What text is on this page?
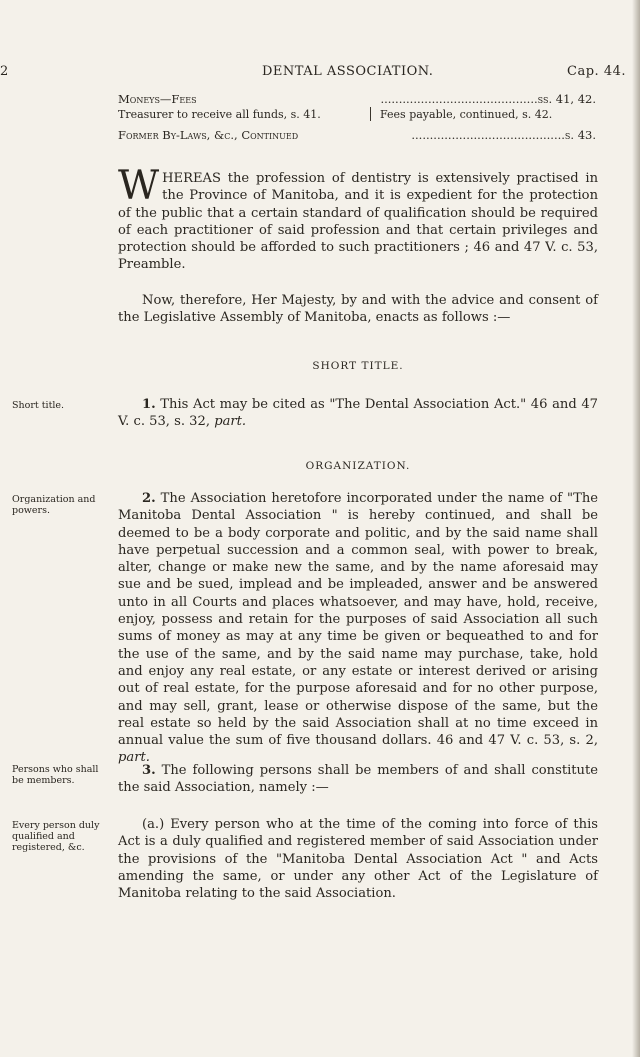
2	DENTAL ASSOCIATION.	Cap. 44.
Moneys—Fees	...........................................ss. 41, 42.
Treasurer to receive all funds, s. 41.	Fees payable, continued, s. 42.
Former By-Laws, &c., Continued	..........................................s. 43.
WHEREAS the profession of dentistry is extensively practised in the Province of Manitoba, and it is expedient for the protection of the public that a certain standard of qualification should be required of each practitioner of said profession and that certain privileges and protection should be afforded to such practitioners ; 46 and 47 V. c. 53, Preamble.
Now, therefore, Her Majesty, by and with the advice and consent of the Legislative Assembly of Manitoba, enacts as follows :—
SHORT TITLE.
Short title.	1. This Act may be cited as "The Dental Association Act." 46 and 47 V. c. 53, s. 32, part.
ORGANIZATION.
Organization and powers.
2. The Association heretofore incorporated under the name of "The Manitoba Dental Association " is hereby continued, and shall be deemed to be a body corporate and politic, and by the said name shall have perpetual succession and a common seal, with power to break, alter, change or make new the same, and by the name aforesaid may sue and be sued, implead and be impleaded, answer and be answered unto in all Courts and places whatsoever, and may have, hold, receive, enjoy, possess and retain for the purposes of said Association all such sums of money as may at any time be given or bequeathed to and for the use of the same, and by the said name may purchase, take, hold and enjoy any real estate, or any estate or interest derived or arising out of real estate, for the purpose aforesaid and for no other purpose, and may sell, grant, lease or otherwise dispose of the same, but the real estate so held by the said Association shall at no time exceed in annual value the sum of five thousand dollars. 46 and 47 V. c. 53, s. 2, part.
Persons who shall be members.
3. The following persons shall be members of and shall constitute the said Association, namely :—
Every person duly qualified and registered, &c.
(a.) Every person who at the time of the coming into force of this Act is a duly qualified and registered member of said Association under the provisions of the "Manitoba Dental Association Act " and Acts amending the same, or under any other Act of the Legislature of Manitoba relating to the said Association.
